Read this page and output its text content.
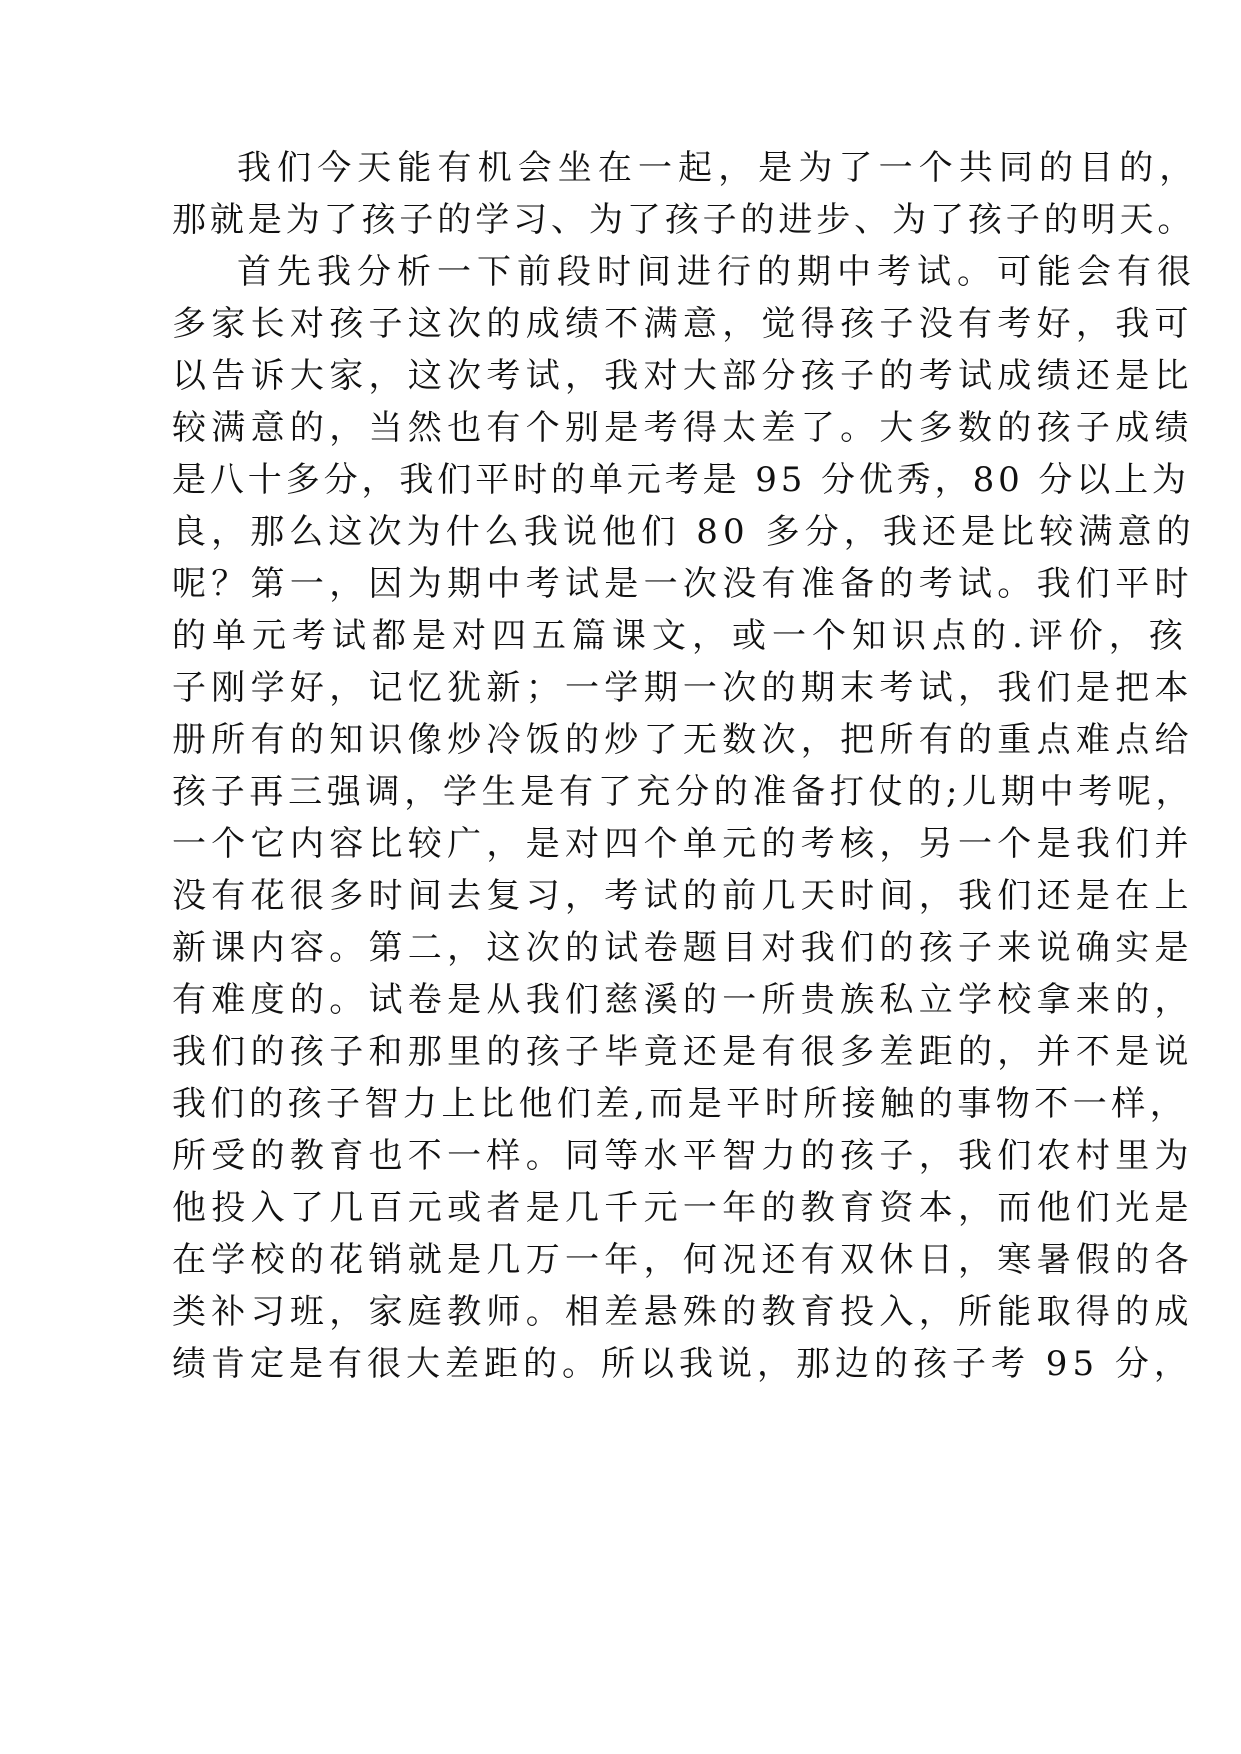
我们今天能有机会坐在一起，是为了一个共同的目的，

那就是为了孩子的学习、为了孩子的进步、为了孩子的明天。

首先我分析一下前段时间进行的期中考试。可能会有很

多家长对孩子这次的成绩不满意，觉得孩子没有考好，我可

以告诉大家，这次考试，我对大部分孩子的考试成绩还是比

较满意的，当然也有个别是考得太差了。大多数的孩子成绩

是八十多分，我们平时的单元考是 95 分优秀，80 分以上为

良，那么这次为什么我说他们 80 多分，我还是比较满意的

呢？第一，因为期中考试是一次没有准备的考试。我们平时

的单元考试都是对四五篇课文，或一个知识点的.评价，孩

子刚学好，记忆犹新；一学期一次的期末考试，我们是把本

册所有的知识像炒冷饭的炒了无数次，把所有的重点难点给

孩子再三强调，学生是有了充分的准备打仗的;儿期中考呢，

一个它内容比较广，是对四个单元的考核，另一个是我们并

没有花很多时间去复习，考试的前几天时间，我们还是在上

新课内容。第二，这次的试卷题目对我们的孩子来说确实是

有难度的。试卷是从我们慈溪的一所贵族私立学校拿来的，

我们的孩子和那里的孩子毕竟还是有很多差距的，并不是说

我们的孩子智力上比他们差,而是平时所接触的事物不一样，

所受的教育也不一样。同等水平智力的孩子，我们农村里为

他投入了几百元或者是几千元一年的教育资本，而他们光是

在学校的花销就是几万一年，何况还有双休日，寒暑假的各

类补习班，家庭教师。相差悬殊的教育投入，所能取得的成

绩肯定是有很大差距的。所以我说，那边的孩子考 95 分，
